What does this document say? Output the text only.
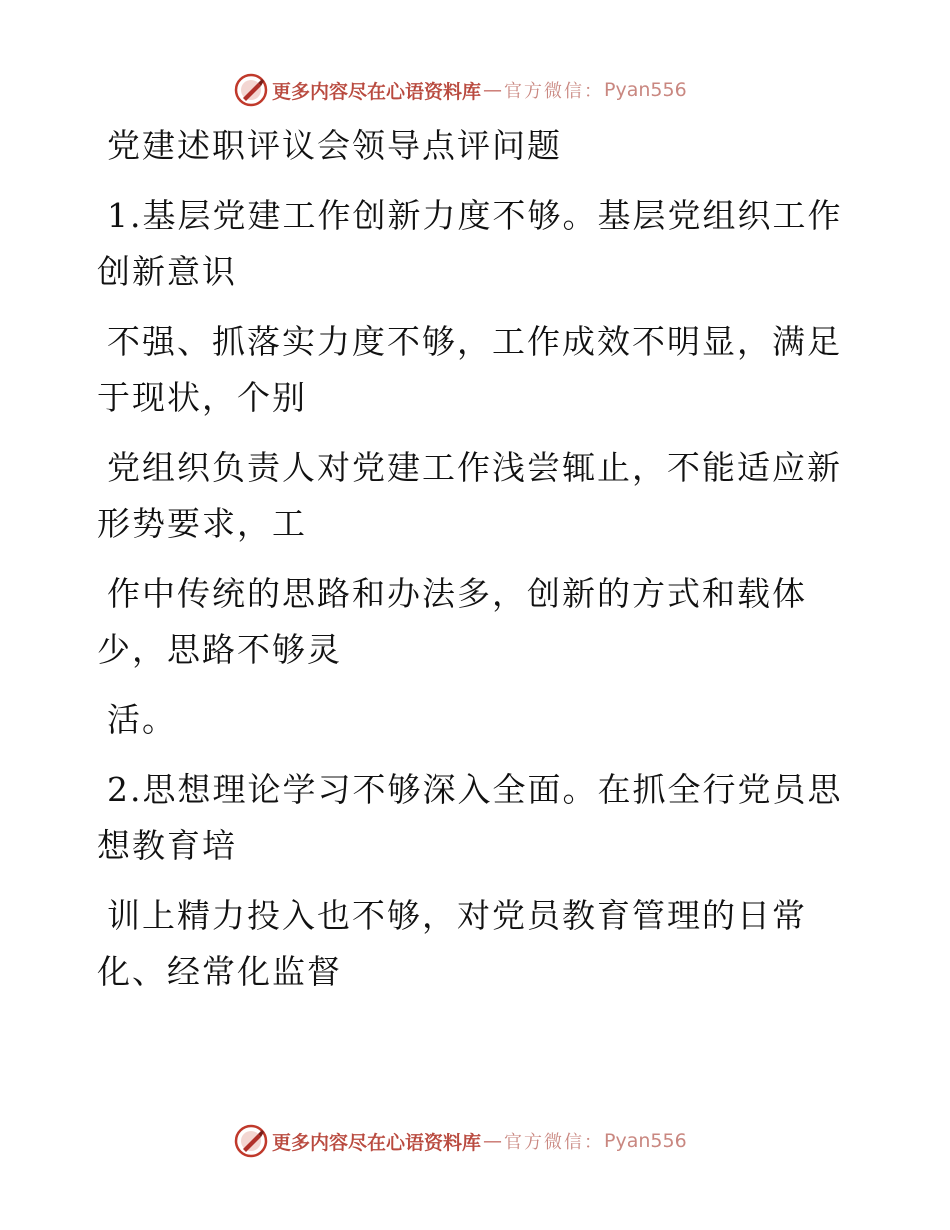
更多内容尽在心语资料库 — 官方微信： Pyan556
党建述职评议会领导点评问题
1.基层党建工作创新力度不够。基层党组织工作
创新意识
不强、抓落实力度不够，工作成效不明显，满足
于现状，个别
党组织负责人对党建工作浅尝辄止，不能适应新
形势要求，工
作中传统的思路和办法多，创新的方式和载体
少，思路不够灵
活。
2.思想理论学习不够深入全面。在抓全行党员思
想教育培
训上精力投入也不够，对党员教育管理的日常
化、经常化监督
更多内容尽在心语资料库 — 官方微信： Pyan556
